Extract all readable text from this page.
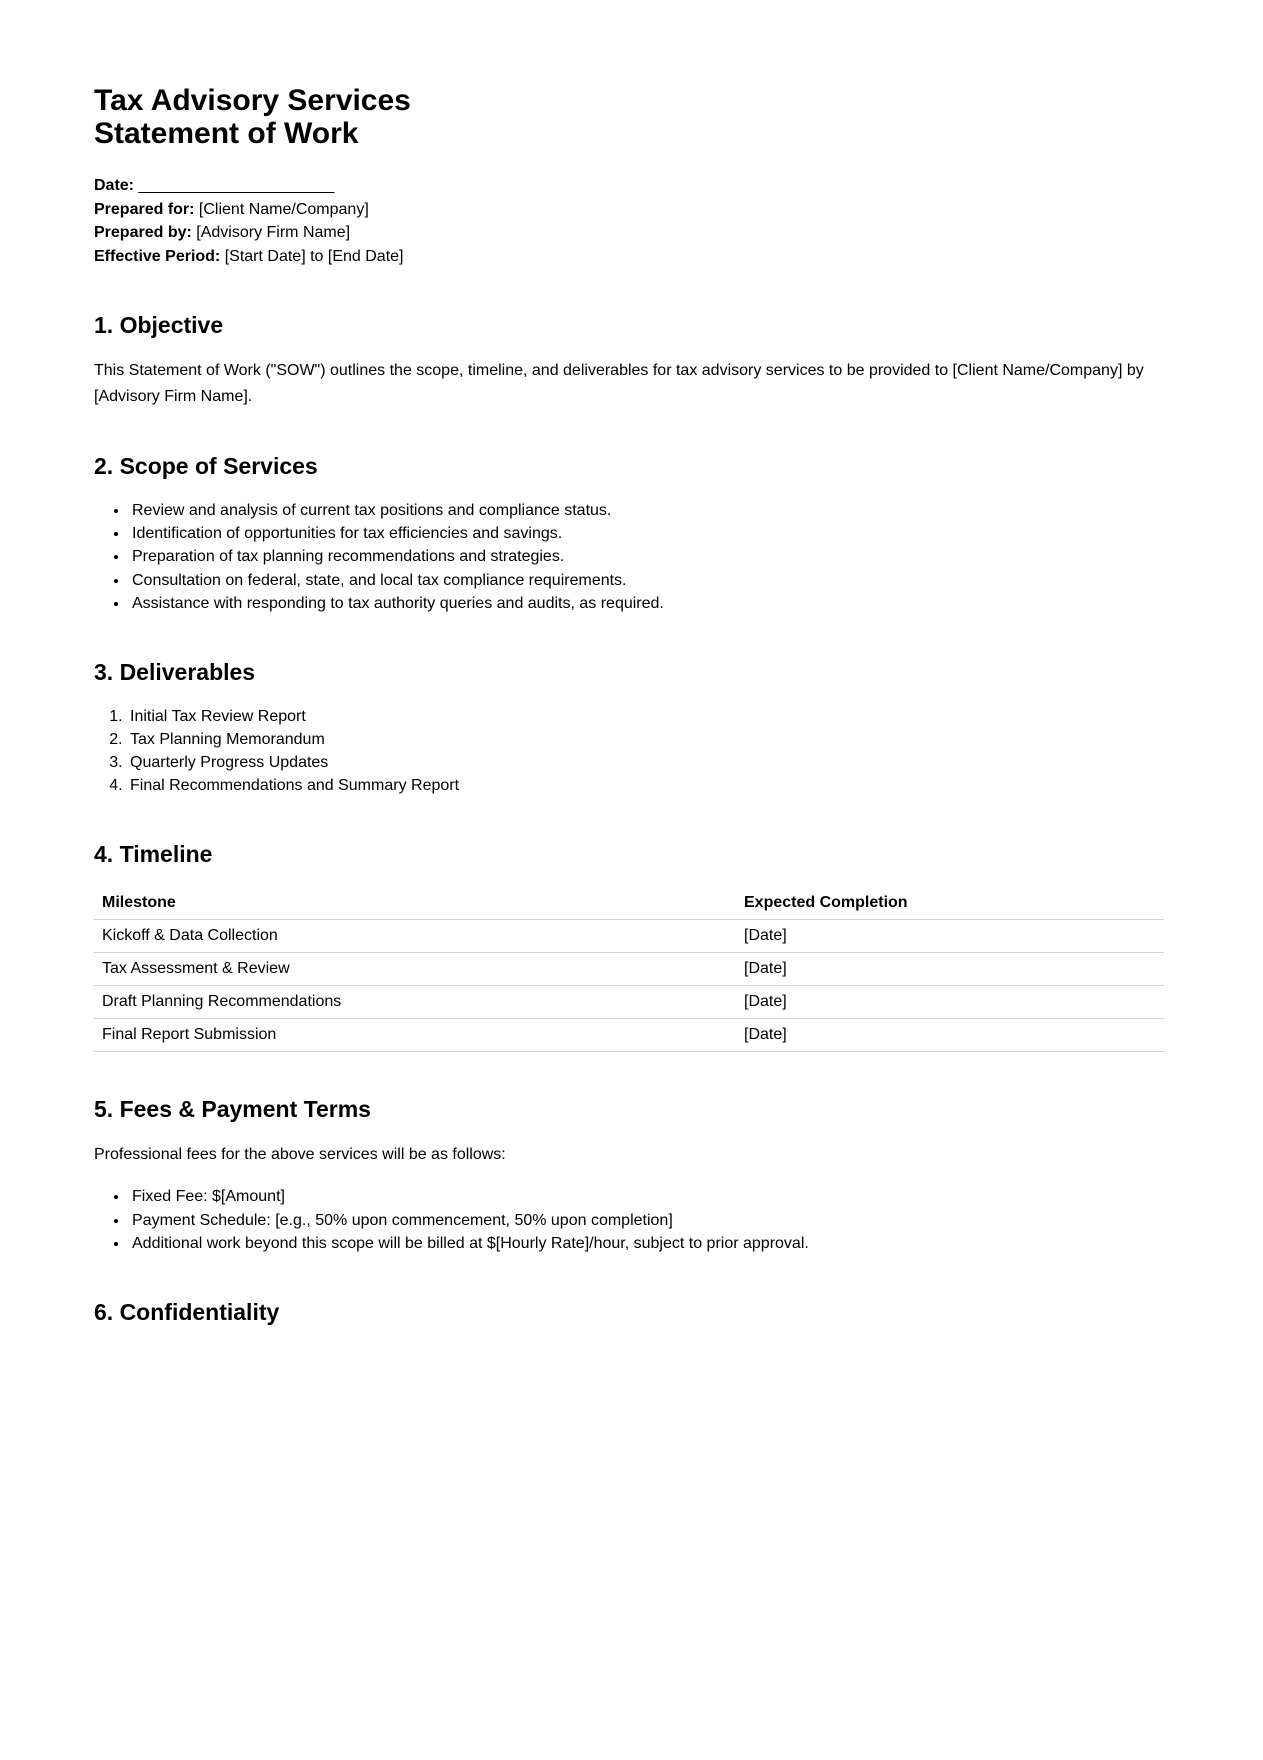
Tax Advisory Services
Statement of Work

Date: ______________________

Prepared for: [Client Name/Company]

Prepared by: [Advisory Firm Name]

Effective Period: [Start Date] to [End Date]

1. Objective

This Statement of Work ("SOW") outlines the scope, timeline, and deliverables for tax advisory services to be provided to [Client Name/Company] by [Advisory Firm Name].

2. Scope of Services
• Review and analysis of current tax positions and compliance status.
• Identification of opportunities for tax efficiencies and savings.
• Preparation of tax planning recommendations and strategies.
• Consultation on federal, state, and local tax compliance requirements.
• Assistance with responding to tax authority queries and audits, as required.
3. Deliverables
1. Initial Tax Review Report
2. Tax Planning Memorandum
3. Quarterly Progress Updates
4. Final Recommendations and Summary Report
4. Timeline
Milestone	Expected Completion
Kickoff & Data Collection	[Date]
Tax Assessment & Review	[Date]
Draft Planning Recommendations	[Date]
Final Report Submission	[Date]
5. Fees & Payment Terms

Professional fees for the above services will be as follows:

• Fixed Fee: $[Amount]
• Payment Schedule: [e.g., 50% upon commencement, 50% upon completion]
• Additional work beyond this scope will be billed at $[Hourly Rate]/hour, subject to prior approval.
6. Confidentiality
